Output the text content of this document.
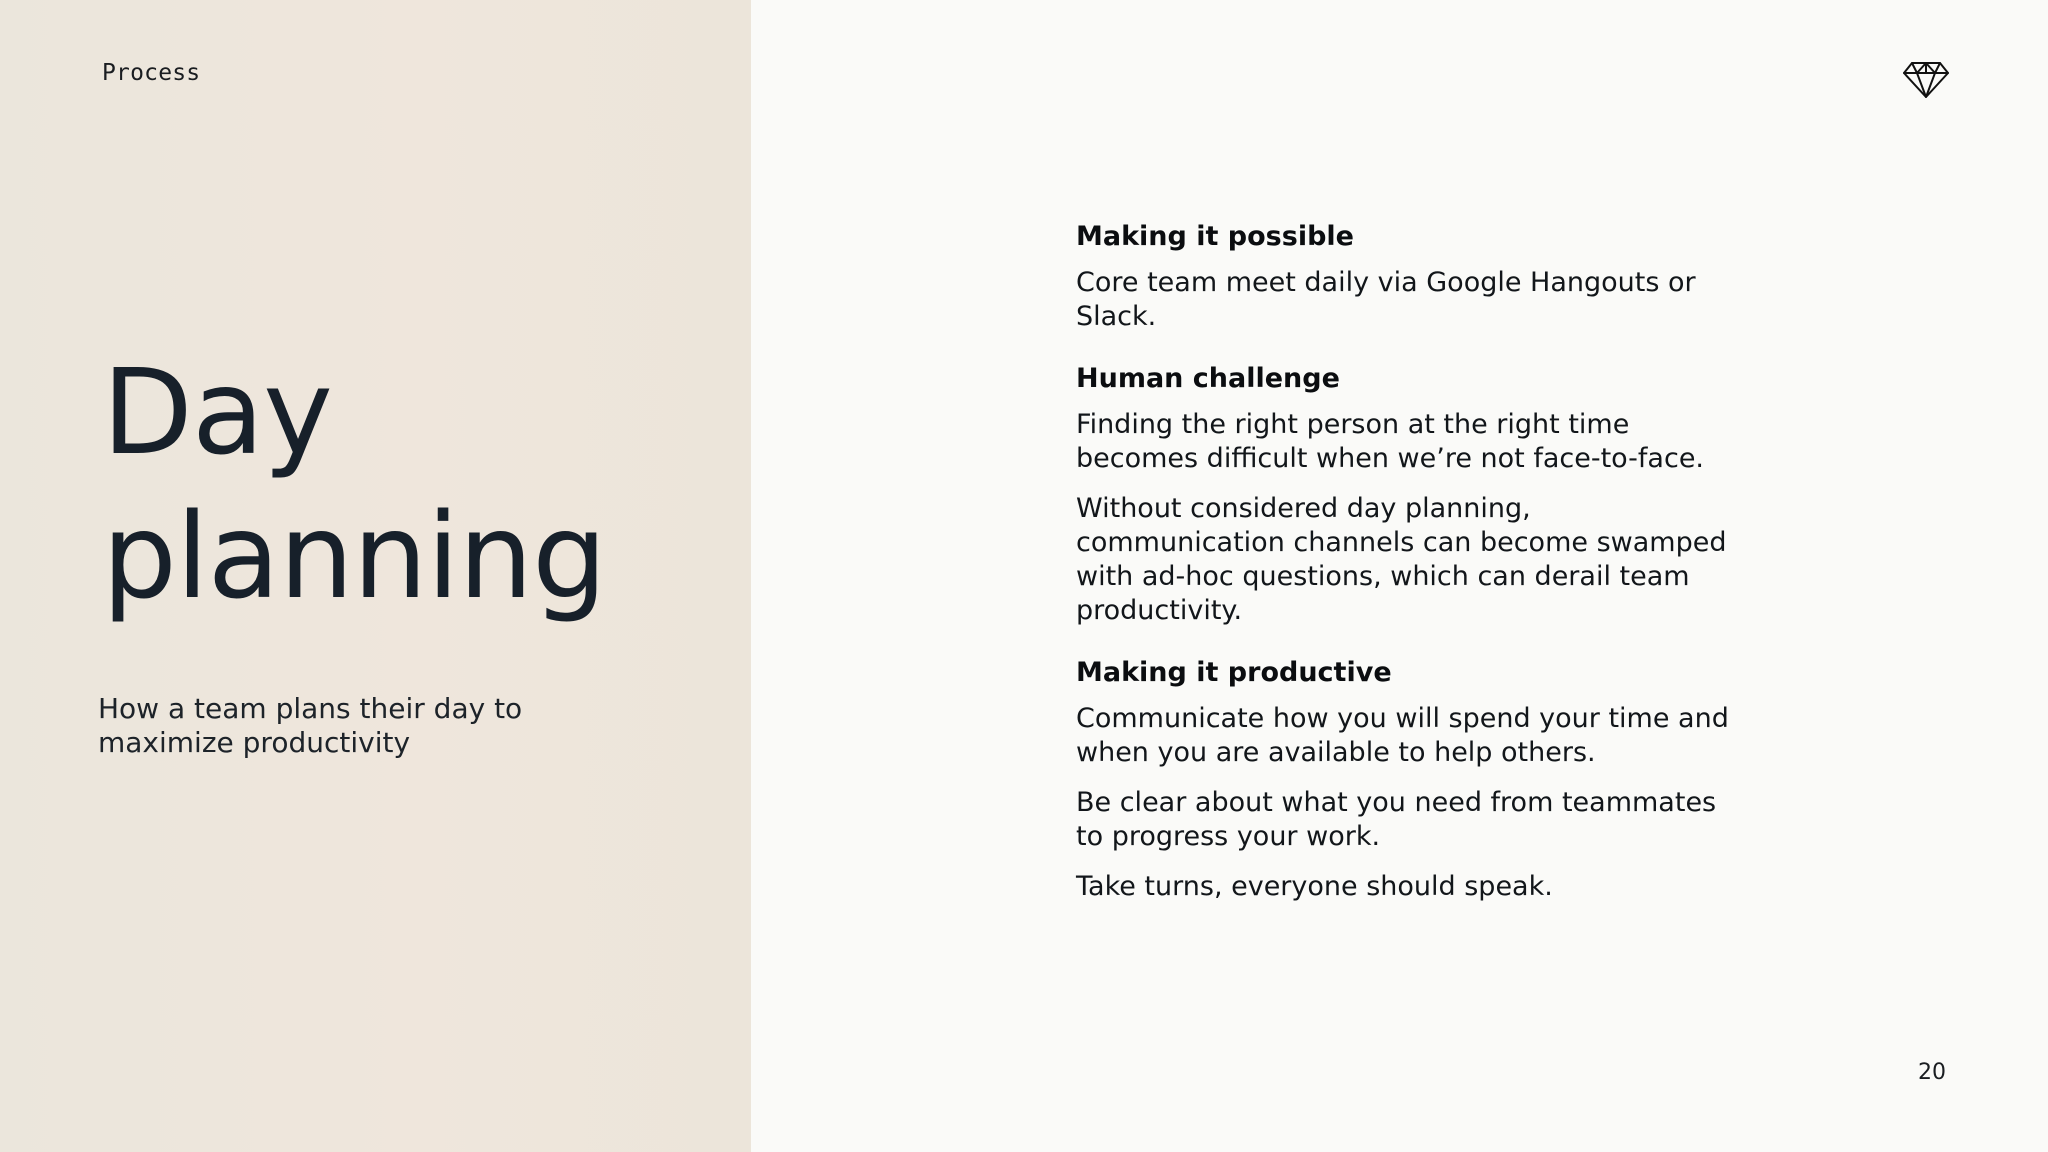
Process
Day
planning
How a team plans their day to maximize productivity
Making it possible

Core team meet daily via Google Hangouts or Slack.

Human challenge

Finding the right person at the right time becomes difficult when we’re not face-to-face.

Without considered day planning, communication channels can become swamped with ad-hoc questions, which can derail team productivity.

Making it productive

Communicate how you will spend your time and when you are available to help others.

Be clear about what you need from teammates to progress your work.

Take turns, everyone should speak.

20
